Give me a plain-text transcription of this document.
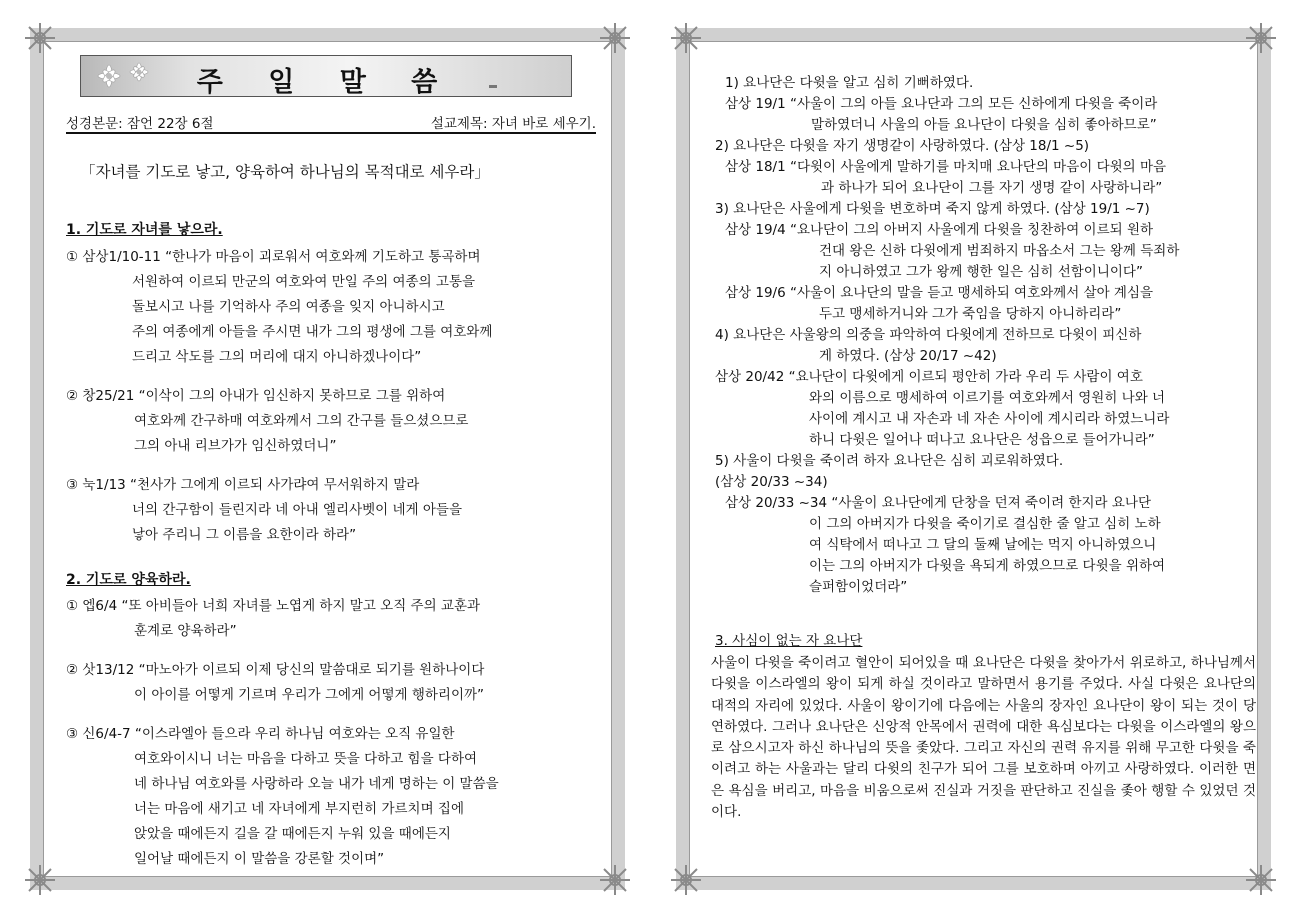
주 일 말 씀
성경본문: 잠언 22장 6절	설교제목: 자녀 바로 세우기.
「자녀를 기도로 낳고, 양육하여 하나님의 목적대로 세우라」
1. 기도로 자녀를 낳으라.
① 삼상1/10-11 “한나가 마음이 괴로워서 여호와께 기도하고 통곡하며
서원하여 이르되 만군의 여호와여 만일 주의 여종의 고통을
돌보시고 나를 기억하사 주의 여종을 잊지 아니하시고
주의 여종에게 아들을 주시면 내가 그의 평생에 그를 여호와께
드리고 삭도를 그의 머리에 대지 아니하겠나이다”
② 창25/21 “이삭이 그의 아내가 임신하지 못하므로 그를 위하여
여호와께 간구하매 여호와께서 그의 간구를 들으셨으므로
그의 아내 리브가가 임신하였더니”
③ 눅1/13 “천사가 그에게 이르되 사가랴여 무서워하지 말라
너의 간구함이 들린지라 네 아내 엘리사벳이 네게 아들을
낳아 주리니 그 이름을 요한이라 하라”
2. 기도로 양육하라.
① 엡6/4 “또 아비들아 너희 자녀를 노엽게 하지 말고 오직 주의 교훈과
훈계로 양육하라”
② 삿13/12 “마노아가 이르되 이제 당신의 말씀대로 되기를 원하나이다
이 아이를 어떻게 기르며 우리가 그에게 어떻게 행하리이까”
③ 신6/4-7 “이스라엘아 들으라 우리 하나님 여호와는 오직 유일한
여호와이시니 너는 마음을 다하고 뜻을 다하고 힘을 다하여
네 하나님 여호와를 사랑하라 오늘 내가 네게 명하는 이 말씀을
너는 마음에 새기고 네 자녀에게 부지런히 가르치며 집에
앉았을 때에든지 길을 갈 때에든지 누워 있을 때에든지
일어날 때에든지 이 말씀을 강론할 것이며”
1) 요나단은 다윗을 알고 심히 기뻐하였다.
삼상 19/1 “사울이 그의 아들 요나단과 그의 모든 신하에게 다윗을 죽이라
말하였더니 사울의 아들 요나단이 다윗을 심히 좋아하므로”
2) 요나단은 다윗을 자기 생명같이 사랑하였다. (삼상 18/1 ~5)
삼상 18/1 “다윗이 사울에게 말하기를 마치매 요나단의 마음이 다윗의 마음
과 하나가 되어 요나단이 그를 자기 생명 같이 사랑하니라”
3) 요나단은 사울에게 다윗을 변호하며 죽지 않게 하였다. (삼상 19/1 ~7)
삼상 19/4 “요나단이 그의 아버지 사울에게 다윗을 칭찬하여 이르되 원하
건대 왕은 신하 다윗에게 범죄하지 마옵소서 그는 왕께 득죄하
지 아니하였고 그가 왕께 행한 일은 심히 선함이니이다”
삼상 19/6 “사울이 요나단의 말을 듣고 맹세하되 여호와께서 살아 계심을
두고 맹세하거니와 그가 죽임을 당하지 아니하리라”
4) 요나단은 사울왕의 의중을 파악하여 다윗에게 전하므로 다윗이 피신하
게 하였다. (삼상 20/17 ~42)
삼상 20/42 “요나단이 다윗에게 이르되 평안히 가라 우리 두 사람이 여호
와의 이름으로 맹세하여 이르기를 여호와께서 영원히 나와 너
사이에 계시고 내 자손과 네 자손 사이에 계시리라 하였느니라
하니 다윗은 일어나 떠나고 요나단은 성읍으로 들어가니라”
5) 사울이 다윗을 죽이려 하자 요나단은 심히 괴로워하였다.
(삼상 20/33 ~34)
삼상 20/33 ~34 “사울이 요나단에게 단창을 던져 죽이려 한지라 요나단
이 그의 아버지가 다윗을 죽이기로 결심한 줄 알고 심히 노하
여 식탁에서 떠나고 그 달의 둘째 날에는 먹지 아니하였으니
이는 그의 아버지가 다윗을 욕되게 하였으므로 다윗을 위하여
슬퍼함이었더라”
3. 사심이 없는 자 요나단

사울이 다윗을 죽이려고 혈안이 되어있을 때 요나단은 다윗을 찾아가서 위로하고, 하나님께서 다윗을 이스라엘의 왕이 되게 하실 것이라고 말하면서 용기를 주었다. 사실 다윗은 요나단의 대적의 자리에 있었다. 사울이 왕이기에 다음에는 사울의 장자인 요나단이 왕이 되는 것이 당연하였다. 그러나 요나단은 신앙적 안목에서 권력에 대한 욕심보다는 다윗을 이스라엘의 왕으로 삼으시고자 하신 하나님의 뜻을 좇았다. 그리고 자신의 권력 유지를 위해 무고한 다윗을 죽이려고 하는 사울과는 달리 다윗의 친구가 되어 그를 보호하며 아끼고 사랑하였다. 이러한 면은 욕심을 버리고, 마음을 비움으로써 진실과 거짓을 판단하고 진실을 좇아 행할 수 있었던 것이다.
